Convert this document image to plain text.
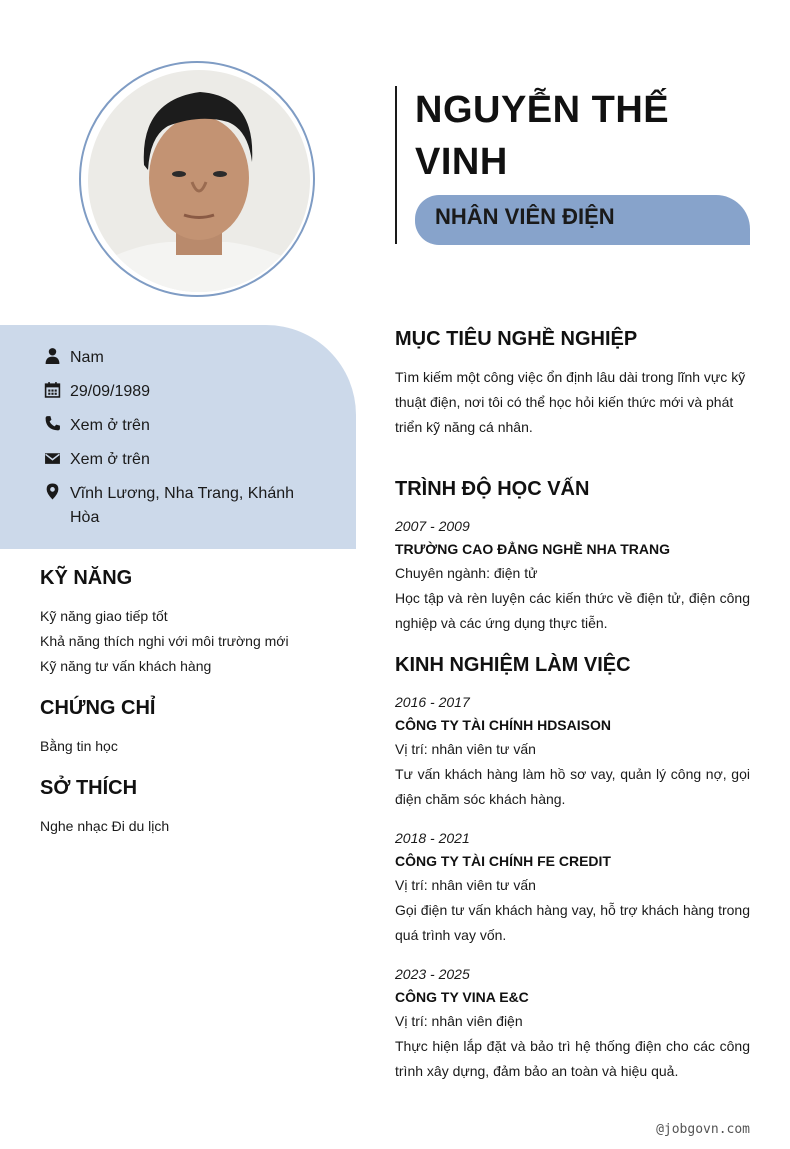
NGUYỄN THẾ VINH
NHÂN VIÊN ĐIỆN
Nam
29/09/1989
Xem ở trên
Xem ở trên
Vĩnh Lương, Nha Trang, Khánh Hòa
KỸ NĂNG
Kỹ năng giao tiếp tốt
Khả năng thích nghi với môi trường mới
Kỹ năng tư vấn khách hàng
CHỨNG CHỈ
Bằng tin học
SỞ THÍCH
Nghe nhạc Đi du lịch
MỤC TIÊU NGHỀ NGHIỆP
Tìm kiếm một công việc ổn định lâu dài trong lĩnh vực kỹ thuật điện, nơi tôi có thể học hỏi kiến thức mới và phát triển kỹ năng cá nhân.
TRÌNH ĐỘ HỌC VẤN
2007 - 2009
TRƯỜNG CAO ĐẲNG NGHỀ NHA TRANG
Chuyên ngành: điện tử
Học tập và rèn luyện các kiến thức về điện tử, điện công nghiệp và các ứng dụng thực tiễn.
KINH NGHIỆM LÀM VIỆC
2016 - 2017
CÔNG TY TÀI CHÍNH HDSAISON
Vị trí: nhân viên tư vấn
Tư vấn khách hàng làm hồ sơ vay, quản lý công nợ, gọi điện chăm sóc khách hàng.
2018 - 2021
CÔNG TY TÀI CHÍNH FE CREDIT
Vị trí: nhân viên tư vấn
Gọi điện tư vấn khách hàng vay, hỗ trợ khách hàng trong quá trình vay vốn.
2023 - 2025
CÔNG TY VINA E&C
Vị trí: nhân viên điện
Thực hiện lắp đặt và bảo trì hệ thống điện cho các công trình xây dựng, đảm bảo an toàn và hiệu quả.
@jobgovn.com
